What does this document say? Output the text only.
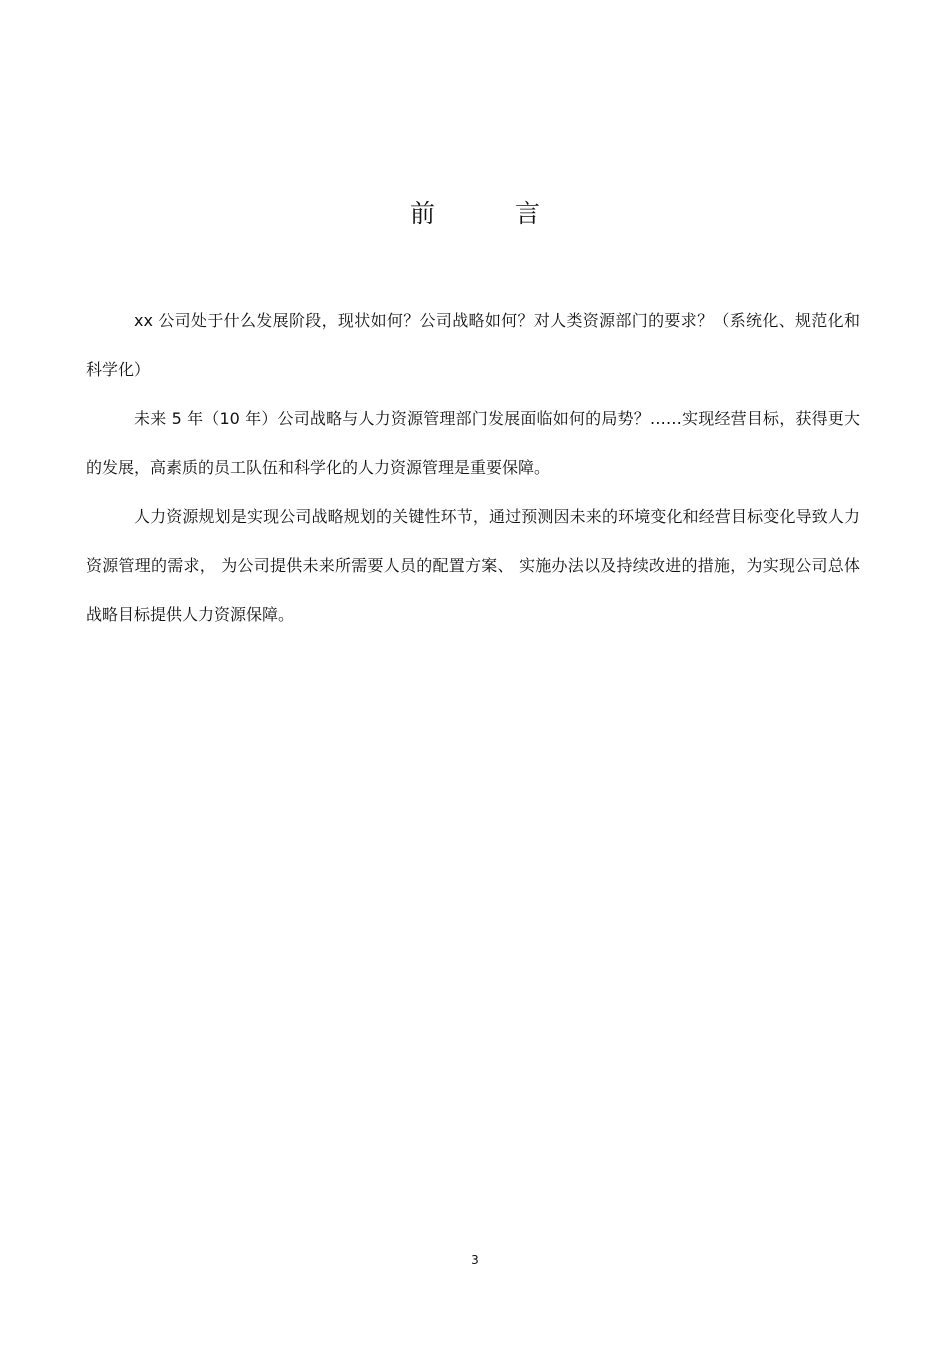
前 言

xx 公司处于什么发展阶段，现状如何？公司战略如何？对人类资源部门的要求？（系统化、规范化和科学化）

未来 5 年（10 年）公司战略与人力资源管理部门发展面临如何的局势？……实现经营目标，获得更大的发展，高素质的员工队伍和科学化的人力资源管理是重要保障。

人力资源规划是实现公司战略规划的关键性环节，通过预测因未来的环境变化和经营目标变化导致人力资源管理的需求， 为公司提供未来所需要人员的配置方案、 实施办法以及持续改进的措施，为实现公司总体战略目标提供人力资源保障。

3
